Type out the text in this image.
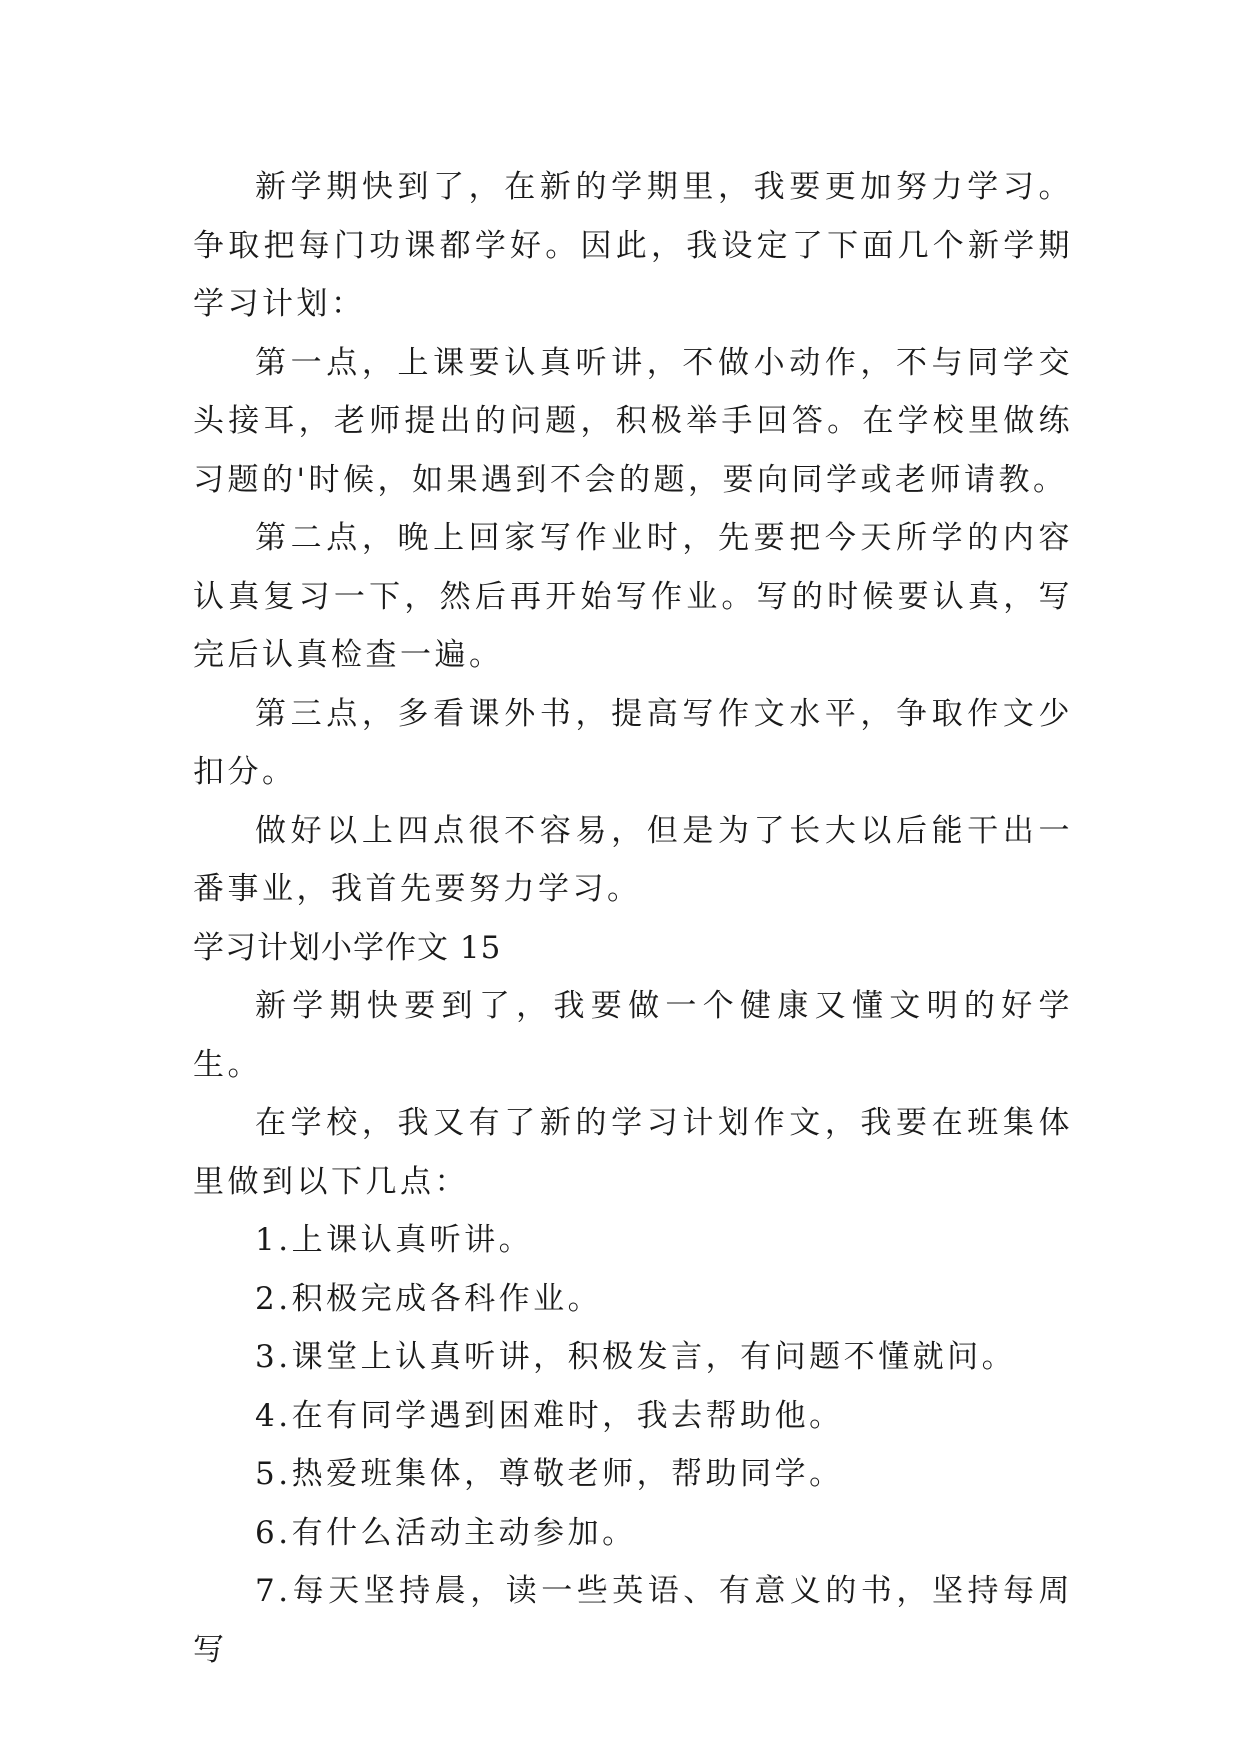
新学期快到了，在新的学期里，我要更加努力学习。争取把每门功课都学好。因此，我设定了下面几个新学期学习计划：

第一点，上课要认真听讲，不做小动作，不与同学交头接耳，老师提出的问题，积极举手回答。在学校里做练习题的'时候，如果遇到不会的题，要向同学或老师请教。

第二点，晚上回家写作业时，先要把今天所学的内容认真复习一下，然后再开始写作业。写的时候要认真，写完后认真检查一遍。

第三点，多看课外书，提高写作文水平，争取作文少扣分。

做好以上四点很不容易，但是为了长大以后能干出一番事业，我首先要努力学习。

学习计划小学作文 15

新学期快要到了，我要做一个健康又懂文明的好学生。

在学校，我又有了新的学习计划作文，我要在班集体里做到以下几点：

1.上课认真听讲。

2.积极完成各科作业。

3.课堂上认真听讲，积极发言，有问题不懂就问。

4.在有同学遇到困难时，我去帮助他。

5.热爱班集体，尊敬老师，帮助同学。

6.有什么活动主动参加。

7.每天坚持晨，读一些英语、有意义的书，坚持每周写
